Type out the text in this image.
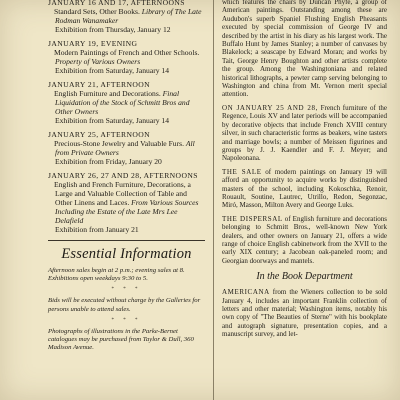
JANUARY 16 AND 17, AFTERNOONS
Standard Sets, Other Books. Library of The Late Rodman Wanamaker
Exhibition from Thursday, January 12
JANUARY 19, EVENING
Modern Paintings of French and Other Schools. Property of Various Owners
Exhibition from Saturday, January 14
JANUARY 21, AFTERNOON
English Furniture and Decorations. Final Liquidation of the Stock of Schmitt Bros and Other Owners
Exhibition from Saturday, January 14
JANUARY 25, AFTERNOON
Precious-Stone Jewelry and Valuable Furs. All from Private Owners
Exhibition from Friday, January 20
JANUARY 26, 27 AND 28, AFTERNOONS
English and French Furniture, Decorations, a Large and Valuable Collection of Table and Other Linens and Laces. From Various Sources Including the Estate of the Late Mrs Lee Delafield
Exhibition from January 21
Essential Information
Afternoon sales begin at 2 p.m.; evening sales at 8. Exhibitions open weekdays 9:30 to 5.
* * *
Bids will be executed without charge by the Galleries for persons unable to attend sales.
* * *
Photographs of illustrations in the Parke-Bernet catalogues may be purchased from Taylor & Dull, 360 Madison Avenue.

which features the chairs by Duncan Phyfe, a group of American paintings. Outstanding among these are Audubon's superb Spaniel Flushing English Pheasants executed by special commission of George IV and described by the artist in his diary as his largest work. The Buffalo Hunt by James Stanley; a number of canvases by Blakelock; a seascape by Edward Moran; and works by Tait, George Henry Boughton and other artists complete the group. Among the Washingtoniana and related historical lithographs, a pewter camp serving belonging to Washington and china from Mt. Vernon merit special attention.

ON JANUARY 25 AND 28, French furniture of the Regence, Louis XV and later periods will be accompanied by decorative objects that include French XVIII century silver, in such characteristic forms as beakers, wine tasters and marriage bowls; a number of Meissen figurines and groups by J. J. Kaendler and F. J. Meyer; and Napoleonana.

THE SALE of modern paintings on January 19 will afford an opportunity to acquire works by distinguished masters of the school, including Kokoschka, Renoir, Rouault, Soutine, Lautrec, Utrillo, Redon, Segonzac, Miró, Masson, Milton Avery and George Luks.

THE DISPERSAL of English furniture and decorations belonging to Schmitt Bros., well-known New York dealers, and other owners on January 21, offers a wide range of choice English cabinetwork from the XVII to the early XIX century; a Jacobean oak-paneled room; and Georgian doorways and mantels.

In the Book Department

AMERICANA from the Wieners collection to be sold January 4, includes an important Franklin collection of letters and other material; Washington items, notably his own copy of "The Beauties of Sterne" with his bookplate and autograph signature, presentation copies, and a manuscript survey, and let-
